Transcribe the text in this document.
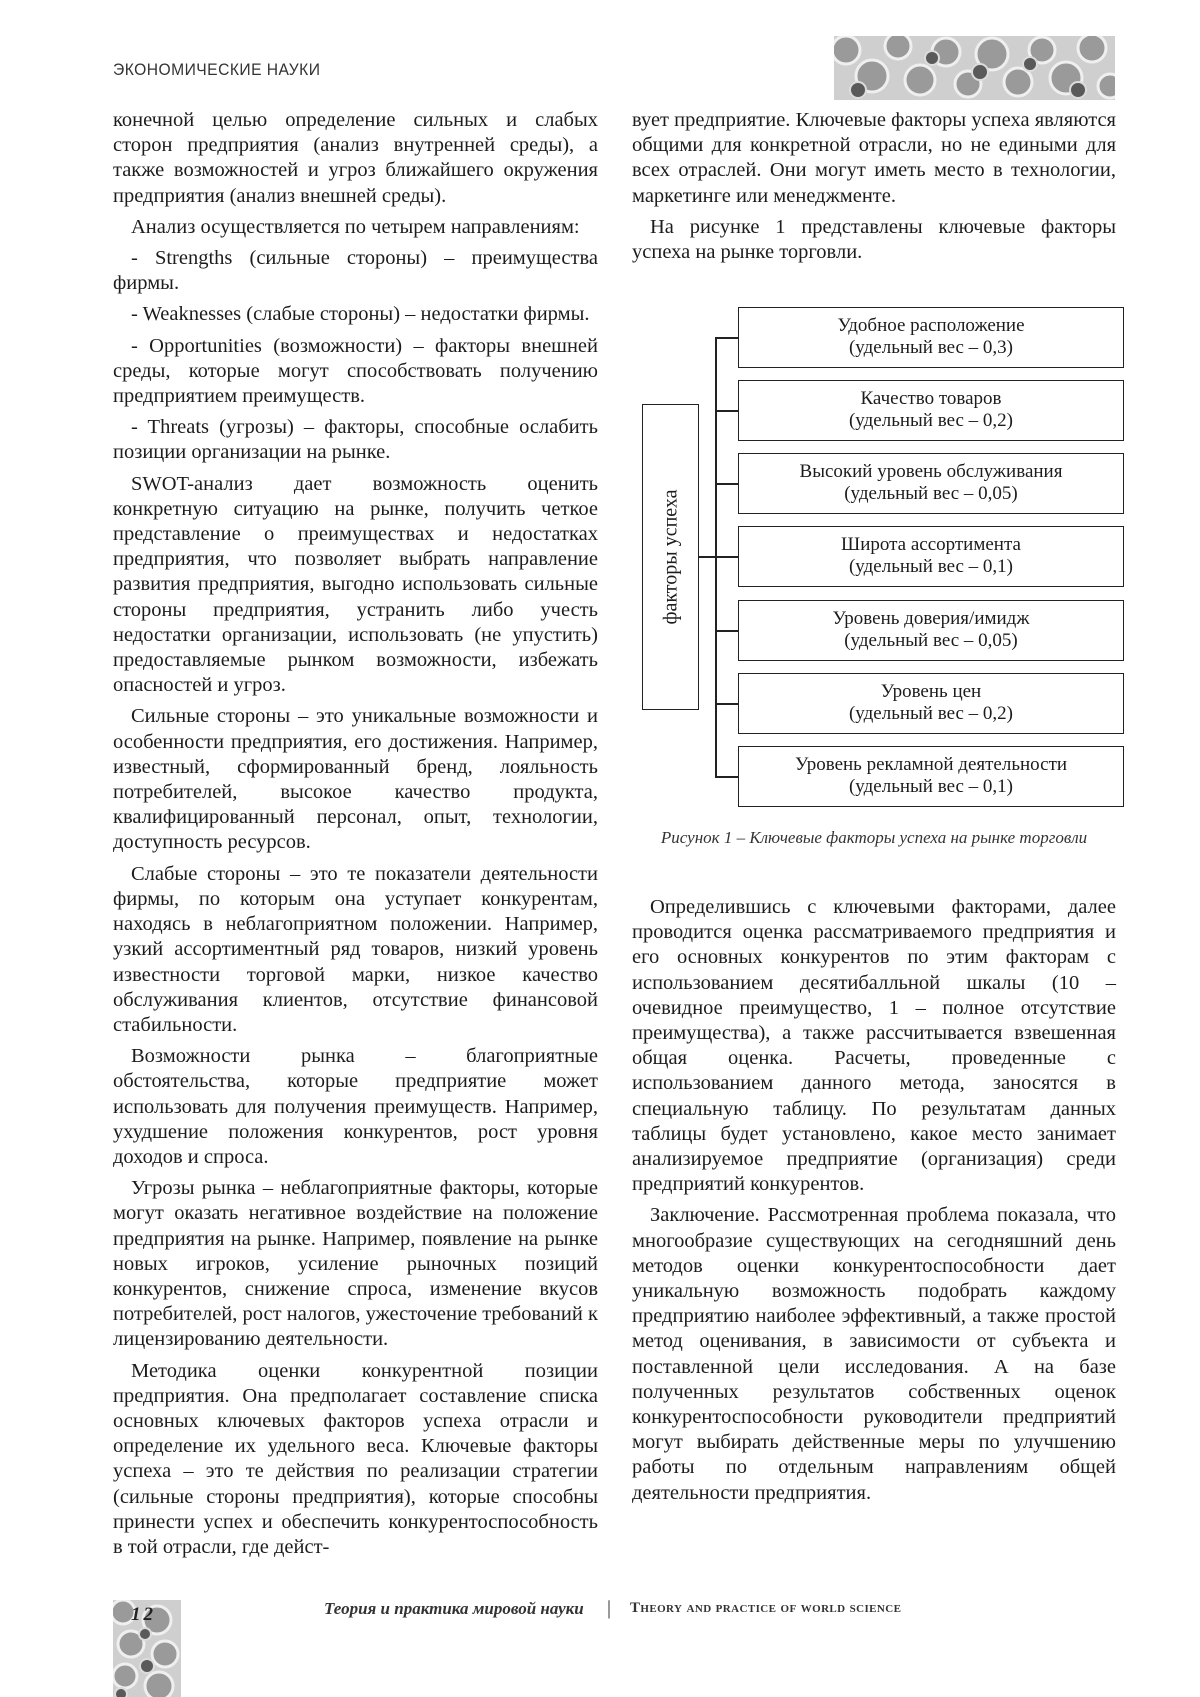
ЭКОНОМИЧЕСКИЕ НАУКИ

конечной целью определение сильных и слабых сторон предприятия (анализ внутренней среды), а также возможностей и угроз ближайшего окружения предприятия (анализ внешней среды).

Анализ осуществляется по четырем направлениям:

- Strengths (сильные стороны) – преимущества фирмы.

- Weaknesses (слабые стороны) – недостатки фирмы.

- Opportunities (возможности) – факторы внешней среды, которые могут способствовать получению предприятием преимуществ.

- Threats (угрозы) – факторы, способные ослабить позиции организации на рынке.

SWOT-анализ дает возможность оценить конкретную ситуацию на рынке, получить четкое представление о преимуществах и недостатках предприятия, что позволяет выбрать направление развития предприятия, выгодно использовать сильные стороны предприятия, устранить либо учесть недостатки организации, использовать (не упустить) предоставляемые рынком возможности, избежать опасностей и угроз.

Сильные стороны – это уникальные возможности и особенности предприятия, его достижения. Например, известный, сформированный бренд, лояльность потребителей, высокое качество продукта, квалифицированный персонал, опыт, технологии, доступность ресурсов.

Слабые стороны – это те показатели деятельности фирмы, по которым она уступает конкурентам, находясь в неблагоприятном положении. Например, узкий ассортиментный ряд товаров, низкий уровень известности торговой марки, низкое качество обслуживания клиентов, отсутствие финансовой стабильности.

Возможности рынка – благоприятные обстоятельства, которые предприятие может использовать для получения преимуществ. Например, ухудшение положения конкурентов, рост уровня доходов и спроса.

Угрозы рынка – неблагоприятные факторы, которые могут оказать негативное воздействие на положение предприятия на рынке. Например, появление на рынке новых игроков, усиление рыночных позиций конкурентов, снижение спроса, изменение вкусов потребителей, рост налогов, ужесточение требований к лицензированию деятельности.

Методика оценки конкурентной позиции предприятия. Она предполагает составление списка основных ключевых факторов успеха отрасли и определение их удельного веса. Ключевые факторы успеха – это те действия по реализации стратегии (сильные стороны предприятия), которые способны принести успех и обеспечить конкурентоспособность в той отрасли, где дейст-

вует предприятие. Ключевые факторы успеха являются общими для конкретной отрасли, но не едиными для всех отраслей. Они могут иметь место в технологии, маркетинге или менеджменте.

На рисунке 1 представлены ключевые факторы успеха на рынке торговли.

факторы успеха
Удобное расположение
(удельный вес – 0,3)
Качество товаров
(удельный вес – 0,2)
Высокий уровень обслуживания
(удельный вес – 0,05)
Широта ассортимента
(удельный вес – 0,1)
Уровень доверия/имидж
(удельный вес – 0,05)
Уровень цен
(удельный вес – 0,2)
Уровень рекламной деятельности
(удельный вес – 0,1)
Рисунок 1 – Ключевые факторы успеха на рынке торговли

Определившись с ключевыми факторами, далее проводится оценка рассматриваемого предприятия и его основных конкурентов по этим факторам с использованием десятибалльной шкалы (10 – очевидное преимущество, 1 – полное отсутствие преимущества), а также рассчитывается взвешенная общая оценка. Расчеты, проведенные с использованием данного метода, заносятся в специальную таблицу. По результатам данных таблицы будет установлено, какое место занимает анализируемое предприятие (организация) среди предприятий конкурентов.

Заключение. Рассмотренная проблема показала, что многообразие существующих на сегодняшний день методов оценки конкурентоспособности дает уникальную возможность подобрать каждому предприятию наиболее эффективный, а также простой метод оценивания, в зависимости от субъекта и поставленной цели исследования. А на базе полученных результатов собственных оценок конкурентоспособности руководители предприятий могут выбирать действенные меры по улучшению работы по отдельным направлениям общей деятельности предприятия.

12	Теория и практика мировой науки | Theory and practice of world science
